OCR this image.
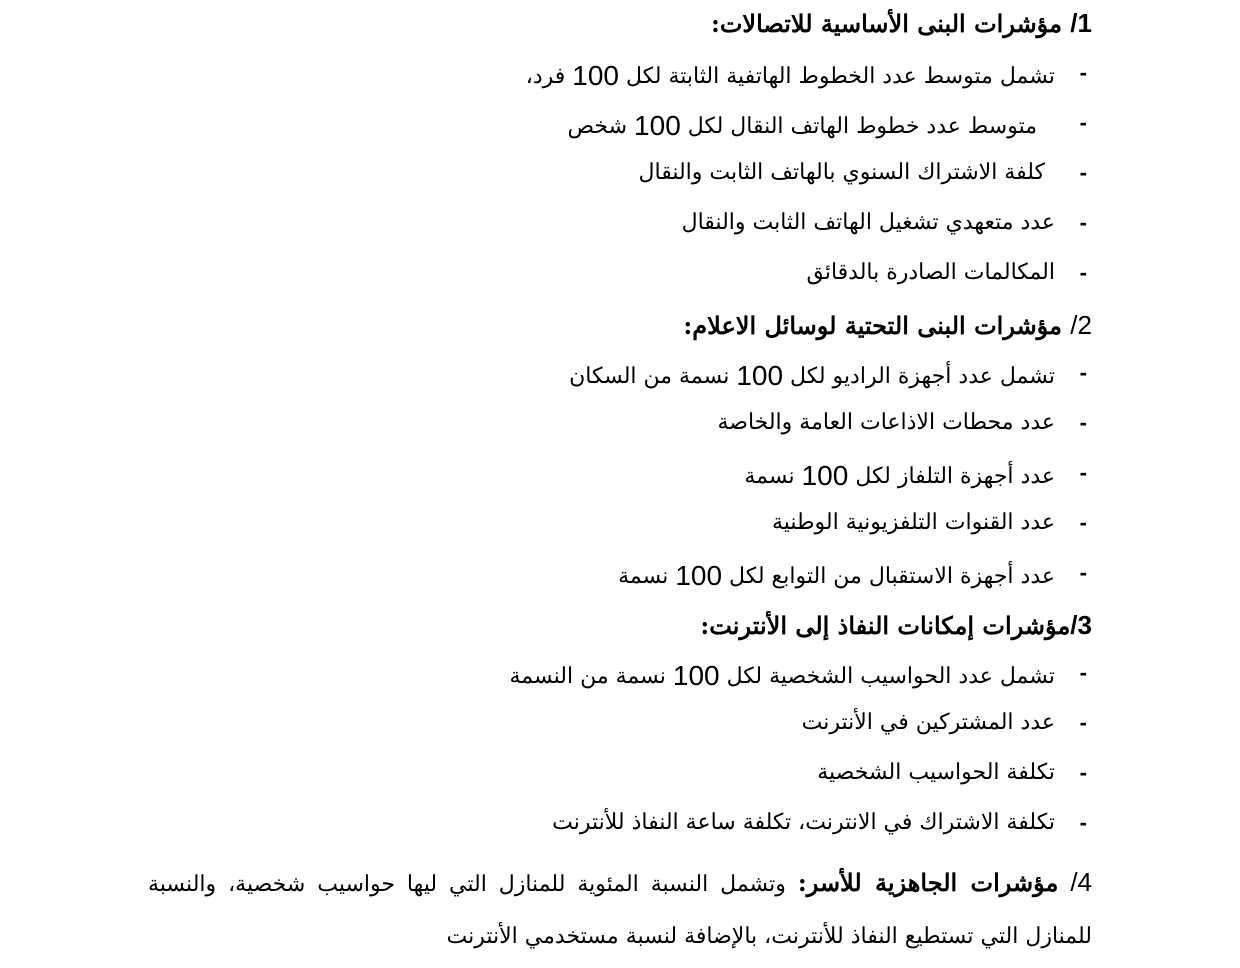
1/ مؤشرات البنى الأساسية للاتصالات:
-
تشمل متوسط عدد الخطوط الهاتفية الثابتة لكل 100 فرد،
-
متوسط عدد خطوط الهاتف النقال لكل 100 شخص
-
كلفة الاشتراك السنوي بالهاتف الثابت والنقال
-
عدد متعهدي تشغيل الهاتف الثابت والنقال
-
المكالمات الصادرة بالدقائق
2/ مؤشرات البنى التحتية لوسائل الاعلام:
-
تشمل عدد أجهزة الراديو لكل 100 نسمة من السكان
-
عدد محطات الاذاعات العامة والخاصة
-
عدد أجهزة التلفاز لكل 100 نسمة
-
عدد القنوات التلفزيونية الوطنية
-
عدد أجهزة الاستقبال من التوابع لكل 100 نسمة
3/مؤشرات إمكانات النفاذ إلى الأنترنت:
-
تشمل عدد الحواسيب الشخصية لكل 100 نسمة من النسمة
-
عدد المشتركين في الأنترنت
-
تكلفة الحواسيب الشخصية
-
تكلفة الاشتراك في الانترنت، تكلفة ساعة النفاذ للأنترنت
4/ مؤشرات الجاهزية للأسر: وتشمل النسبة المئوية للمنازل التي ليها حواسيب شخصية، والنسبة للمنازل التي تستطيع النفاذ للأنترنت، بالإضافة لنسبة مستخدمي الأنترنت
